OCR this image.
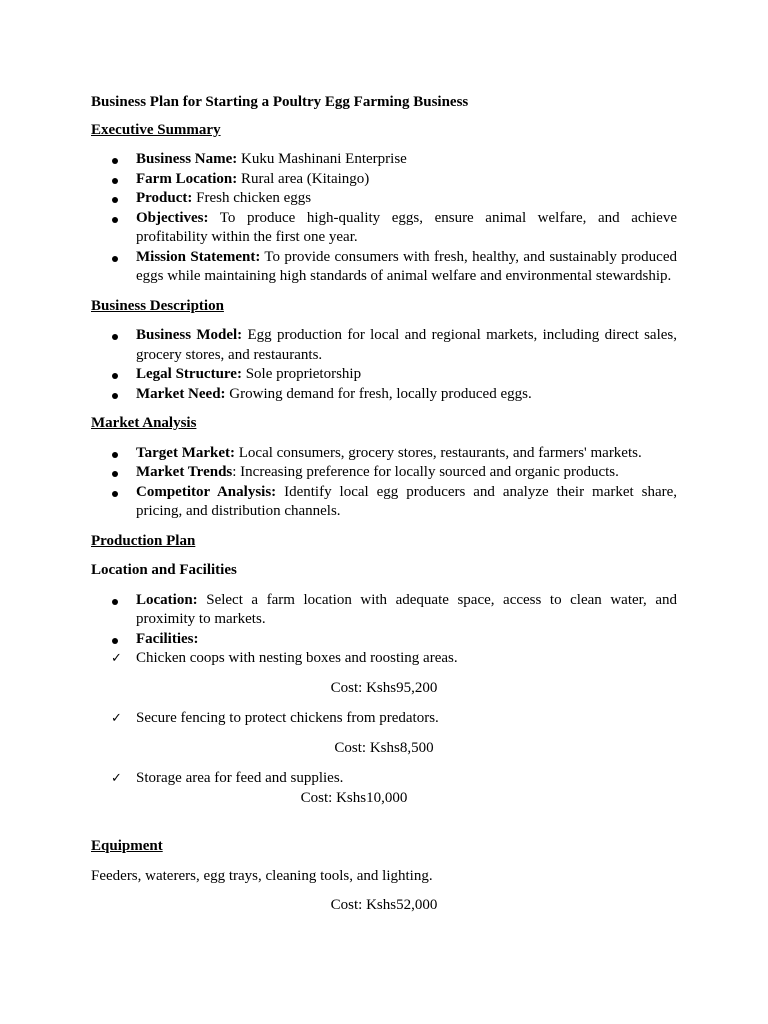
Business Plan for Starting a Poultry Egg Farming Business
Executive Summary
Business Name: Kuku Mashinani Enterprise
Farm Location: Rural area (Kitaingo)
Product: Fresh chicken eggs
Objectives: To produce high-quality eggs, ensure animal welfare, and achieve profitability within the first one year.
Mission Statement: To provide consumers with fresh, healthy, and sustainably produced eggs while maintaining high standards of animal welfare and environmental stewardship.
Business Description
Business Model: Egg production for local and regional markets, including direct sales, grocery stores, and restaurants.
Legal Structure: Sole proprietorship
Market Need: Growing demand for fresh, locally produced eggs.
Market Analysis
Target Market: Local consumers, grocery stores, restaurants, and farmers' markets.
Market Trends: Increasing preference for locally sourced and organic products.
Competitor Analysis: Identify local egg producers and analyze their market share, pricing, and distribution channels.
Production Plan
Location and Facilities
Location: Select a farm location with adequate space, access to clean water, and proximity to markets.
Facilities:
✓ Chicken coops with nesting boxes and roosting areas.
Cost: Kshs95,200
✓ Secure fencing to protect chickens from predators.
Cost: Kshs8,500
✓ Storage area for feed and supplies.
Cost: Kshs10,000
Equipment
Feeders, waterers, egg trays, cleaning tools, and lighting.
Cost: Kshs52,000
